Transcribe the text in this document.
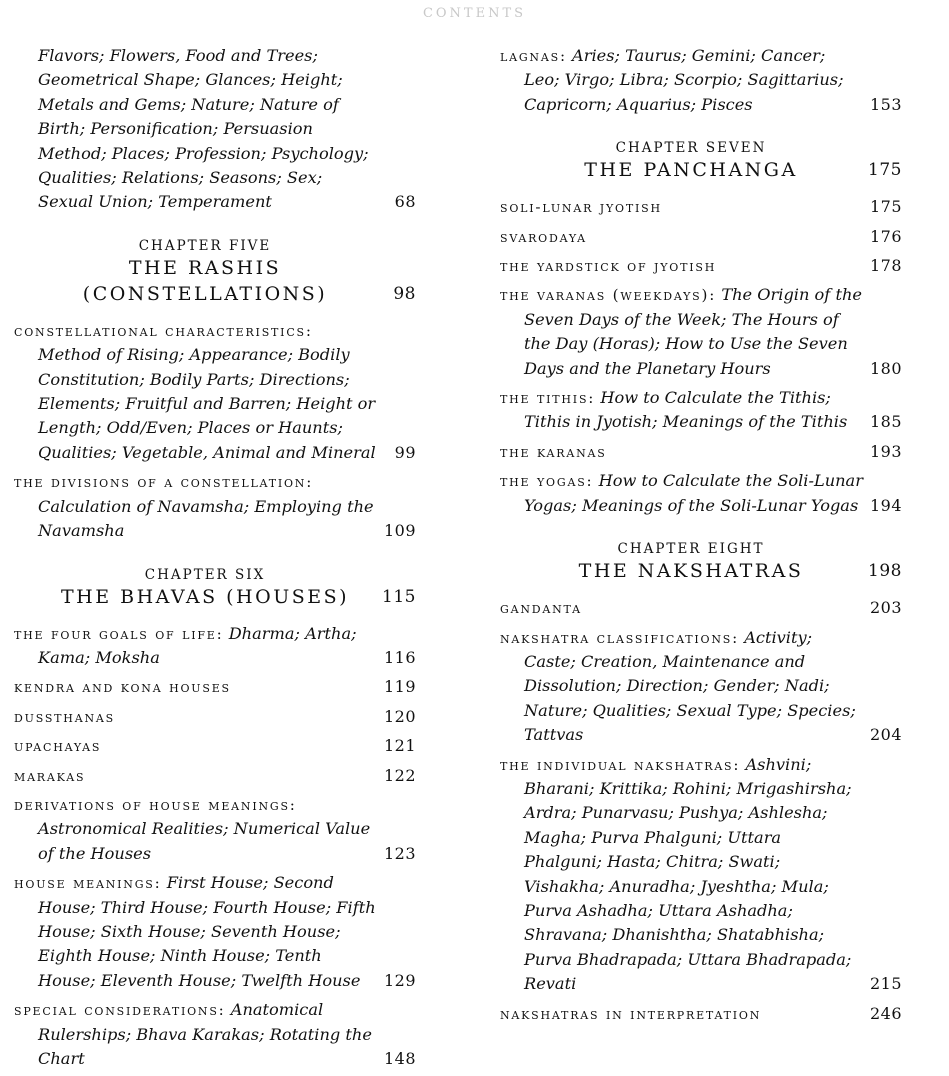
CONTENTS
Flavors; Flowers, Food and Trees; Geometrical Shape; Glances; Height; Metals and Gems; Nature; Nature of Birth; Personification; Persuasion Method; Places; Profession; Psychology; Qualities; Relations; Seasons; Sex; Sexual Union; Temperament	68
CHAPTER FIVE
THE RASHIS (CONSTELLATIONS)	98
constellational characteristics: Method of Rising; Appearance; Bodily Constitution; Bodily Parts; Directions; Elements; Fruitful and Barren; Height or Length; Odd/Even; Places or Haunts; Qualities; Vegetable, Animal and Mineral	99
the divisions of a constellation: Calculation of Navamsha; Employing the Navamsha	109
CHAPTER SIX
THE BHAVAS (HOUSES)	115
the four goals of life: Dharma; Artha; Kama; Moksha	116
kendra and kona houses	119
dussthanas	120
upachayas	121
marakas	122
derivations of house meanings: Astronomical Realities; Numerical Value of the Houses	123
house meanings: First House; Second House; Third House; Fourth House; Fifth House; Sixth House; Seventh House; Eighth House; Ninth House; Tenth House; Eleventh House; Twelfth House	129
special considerations: Anatomical Rulerships; Bhava Karakas; Rotating the Chart	148
lagnas: Aries; Taurus; Gemini; Cancer; Leo; Virgo; Libra; Scorpio; Sagittarius; Capricorn; Aquarius; Pisces	153
CHAPTER SEVEN
THE PANCHANGA	175
soli-lunar jyotish	175
svarodaya	176
the yardstick of jyotish	178
the varanas (weekdays): The Origin of the Seven Days of the Week; The Hours of the Day (Horas); How to Use the Seven Days and the Planetary Hours	180
the tithis: How to Calculate the Tithis; Tithis in Jyotish; Meanings of the Tithis	185
the karanas	193
the yogas: How to Calculate the Soli-Lunar Yogas; Meanings of the Soli-Lunar Yogas 194
CHAPTER EIGHT
THE NAKSHATRAS	198
gandanta	203
nakshatra classifications: Activity; Caste; Creation, Maintenance and Dissolution; Direction; Gender; Nadi; Nature; Qualities; Sexual Type; Species; Tattvas	204
the individual nakshatras: Ashvini; Bharani; Krittika; Rohini; Mrigashirsha; Ardra; Punarvasu; Pushya; Ashlesha; Magha; Purva Phalguni; Uttara Phalguni; Hasta; Chitra; Swati; Vishakha; Anuradha; Jyeshtha; Mula; Purva Ashadha; Uttara Ashadha; Shravana; Dhanishtha; Shatabhisha; Purva Bhadrapada; Uttara Bhadrapada; Revati	215
nakshatras in interpretation	246
